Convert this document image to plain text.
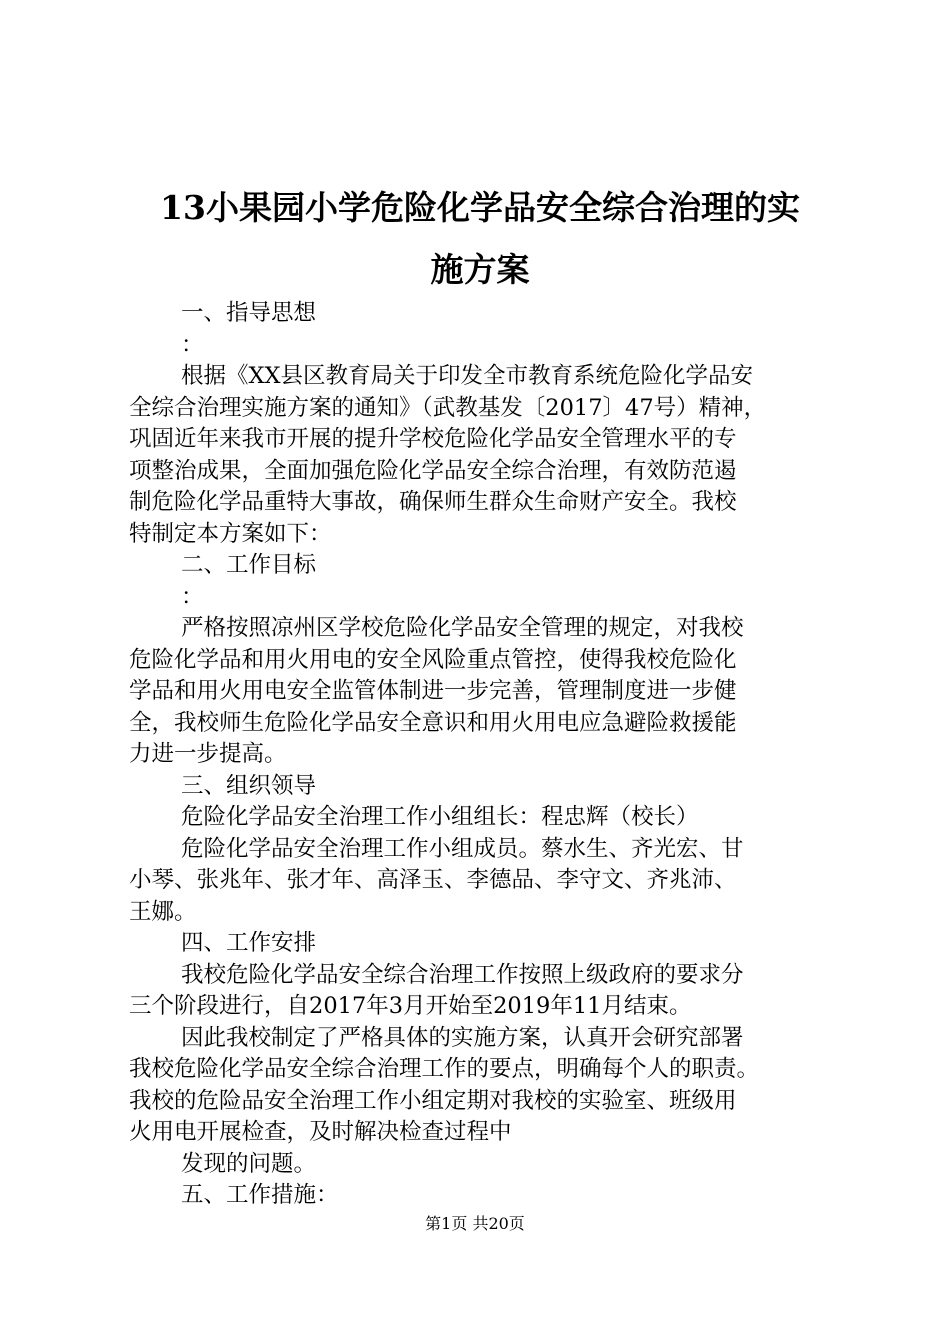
13小果园小学危险化学品安全综合治理的实
施方案
一、指导思想
：
根据《XX县区教育局关于印发全市教育系统危险化学品安
全综合治理实施方案的通知》（武教基发〔2017〕47号）精神，
巩固近年来我市开展的提升学校危险化学品安全管理水平的专
项整治成果，全面加强危险化学品安全综合治理，有效防范遏
制危险化学品重特大事故，确保师生群众生命财产安全。我校
特制定本方案如下：
二、工作目标
：
严格按照凉州区学校危险化学品安全管理的规定，对我校
危险化学品和用火用电的安全风险重点管控，使得我校危险化
学品和用火用电安全监管体制进一步完善，管理制度进一步健
全，我校师生危险化学品安全意识和用火用电应急避险救援能
力进一步提高。
三、组织领导
危险化学品安全治理工作小组组长：程忠辉（校长）
危险化学品安全治理工作小组成员。蔡水生、齐光宏、甘
小琴、张兆年、张才年、高泽玉、李德品、李守文、齐兆沛、
王娜。
四、工作安排
我校危险化学品安全综合治理工作按照上级政府的要求分
三个阶段进行，自2017年3月开始至2019年11月结束。
因此我校制定了严格具体的实施方案，认真开会研究部署
我校危险化学品安全综合治理工作的要点，明确每个人的职责。
我校的危险品安全治理工作小组定期对我校的实验室、班级用
火用电开展检查，及时解决检查过程中
发现的问题。
五、工作措施：
第1页 共20页
